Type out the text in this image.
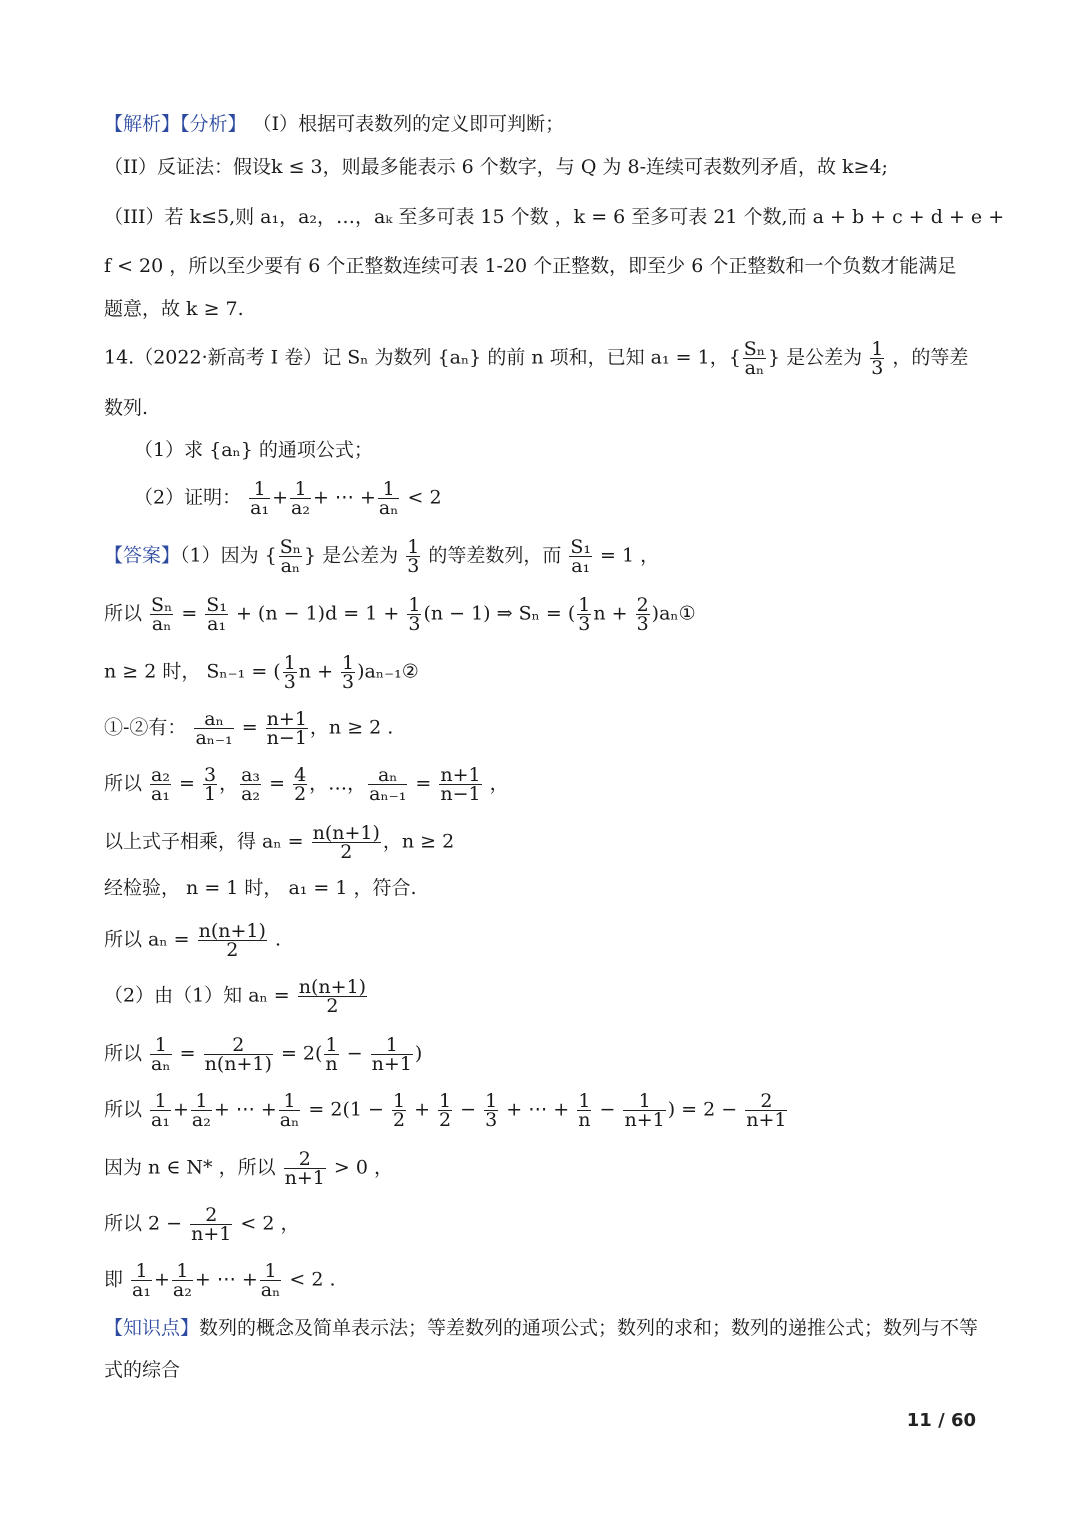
【解析】【分析】 （I）根据可表数列的定义即可判断；
（II）反证法：假设k ≤ 3，则最多能表示 6 个数字，与 Q 为 8-连续可表数列矛盾，故 k≥4;
（III）若 k≤5,则 a₁，a₂，…，aₖ 至多可表 15 个数 ，k = 6 至多可表 21 个数,而 a + b + c + d + e +
f < 20 ，所以至少要有 6 个正整数连续可表 1-20 个正整数，即至少 6 个正整数和一个负数才能满足
题意，故 k ≥ 7.
14.（2022·新高考 I 卷）记 Sₙ 为数列 {aₙ} 的前 n 项和，已知 a₁ = 1，{ $\frac{\text{Sₙ}}{\text{aₙ}}$ } 是公差为 $\frac{1}{3}$ ，的等差
数列.
（1）求 {aₙ} 的通项公式；
（2）证明： $\frac{1}{\text{a₁}} + \frac{1}{\text{a₂}}$ + ⋯ + $\frac{1}{\text{aₙ}} < 2$
【答案】（1）因为 { $\frac{\text{Sₙ}}{\text{aₙ}}$ } 是公差为 $\frac{1}{3}$ 的等差数列，而 $\frac{\text{S₁}}{\text{a₁}} = 1$ ，
所以 $\frac{\text{Sₙ}}{\text{aₙ}} = \frac{\text{S₁}}{\text{a₁}} + (n - 1)d = 1 + \frac{1}{3} (n - 1)$ ⇒ Sₙ = ( $\frac{1}{3}$ $n + \frac{2}{3}$ )aₙ①
n ≥ 2 时， Sₙ₋₁ = ( $\frac{1}{3}$ $n + \frac{1}{3}$ )aₙ₋₁②
①-②有： $\frac{\text{aₙ}}{\text{aₙ₋₁}} = \frac{n+1}{n-1}$ ，n ≥ 2 .
所以 $\frac{\text{a₂}}{\text{a₁}} = \frac{3}{1}$ ， $\frac{\text{a₃}}{\text{a₂}} = \frac{4}{2}$ ，…， $\frac{\text{aₙ}}{\text{aₙ₋₁}} = \frac{n+1}{n-1}$ ，
以上式子相乘，得 $a_n = \frac{n(n+1)}{2}$ ，n ≥ 2
经检验， n = 1 时， a₁ = 1 ，符合.
所以 $a_n = \frac{n(n+1)}{2}$ .
（2）由（1）知 $a_n = \frac{n(n+1)}{2}$
所以 $\frac{1}{\text{aₙ}} = \frac{2}{n(n+1)} = 2( \frac{1}{n} - \frac{1}{n+1}$ )
所以 $\frac{1}{\text{a₁}} + \frac{1}{\text{a₂}}$ + ⋯ + $\frac{1}{\text{aₙ}} = 2(1 - \frac{1}{2} + \frac{1}{2} - \frac{1}{3}$ + ⋯ + $\frac{1}{n} - \frac{1}{n+1}$ ) = $2 - \frac{2}{n+1}$
因为 n ∈ N* ，所以 $\frac{2}{n+1} > 0$ ，
所以 $2 - \frac{2}{n+1} < 2$ ，
即 $\frac{1}{\text{a₁}} + \frac{1}{\text{a₂}}$ + ⋯ + $\frac{1}{\text{aₙ}} < 2$ .
【知识点】数列的概念及简单表示法；等差数列的通项公式；数列的求和；数列的递推公式；数列与不等
式的综合
11 / 60
